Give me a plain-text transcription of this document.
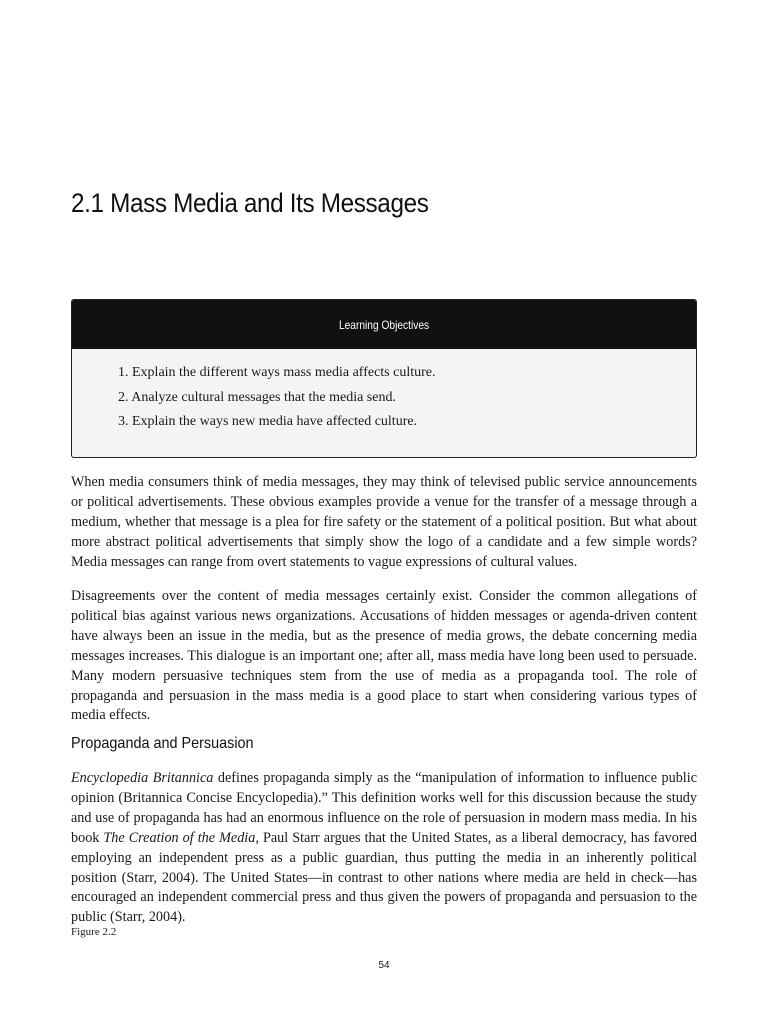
2.1 Mass Media and Its Messages
Learning Objectives
1. Explain the different ways mass media affects culture.
2. Analyze cultural messages that the media send.
3. Explain the ways new media have affected culture.

When media consumers think of media messages, they may think of televised public service announcements or political advertisements. These obvious examples provide a venue for the transfer of a message through a medium, whether that message is a plea for fire safety or the statement of a political position. But what about more abstract political advertisements that simply show the logo of a candidate and a few simple words? Media messages can range from overt statements to vague expressions of cultural values.

Disagreements over the content of media messages certainly exist. Consider the common allegations of political bias against various news organizations. Accusations of hidden messages or agenda-driven content have always been an issue in the media, but as the presence of media grows, the debate concerning media messages increases. This dialogue is an important one; after all, mass media have long been used to persuade. Many modern persuasive techniques stem from the use of media as a propaganda tool. The role of propaganda and persuasion in the mass media is a good place to start when considering various types of media effects.

Propaganda and Persuasion

Encyclopedia Britannica defines propaganda simply as the “manipulation of information to influence public opinion (Britannica Concise Encyclopedia).” This definition works well for this discussion because the study and use of propaganda has had an enormous influence on the role of persuasion in modern mass media. In his book The Creation of the Media, Paul Starr argues that the United States, as a liberal democracy, has favored employing an independent press as a public guardian, thus putting the media in an inherently political position (Starr, 2004). The United States—in contrast to other nations where media are held in check—has encouraged an independent commercial press and thus given the powers of propaganda and persuasion to the public (Starr, 2004).

Figure 2.2
54
